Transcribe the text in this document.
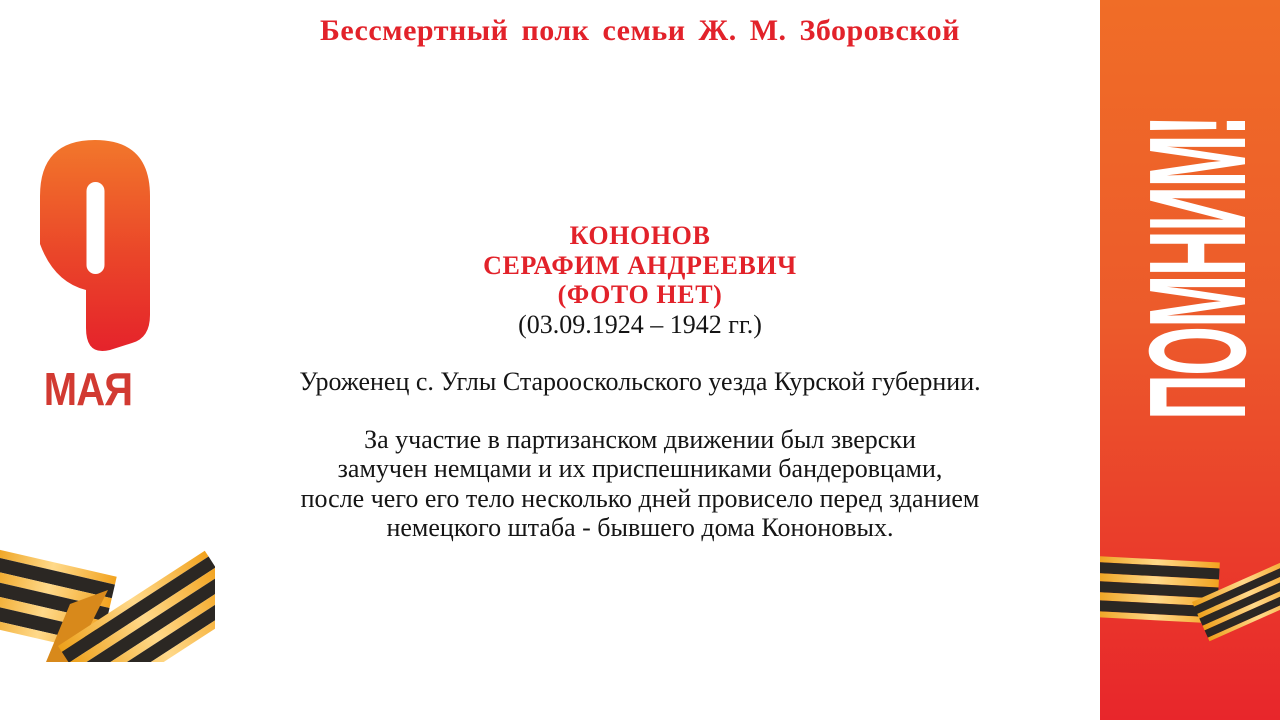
Бессмертный полк семьи Ж. М. Зборовской
МАЯ
КОНОНОВ
СЕРАФИМ АНДРЕЕВИЧ
(ФОТО НЕТ)
(03.09.1924 – 1942 гг.)
Уроженец с. Углы Старооскольского уезда Курской губернии.
За участие в партизанском движении был зверски
замучен немцами и их приспешниками бандеровцами,
после чего его тело несколько дней провисело перед зданием
немецкого штаба - бывшего дома Кононовых.
ПОМНИМ!
